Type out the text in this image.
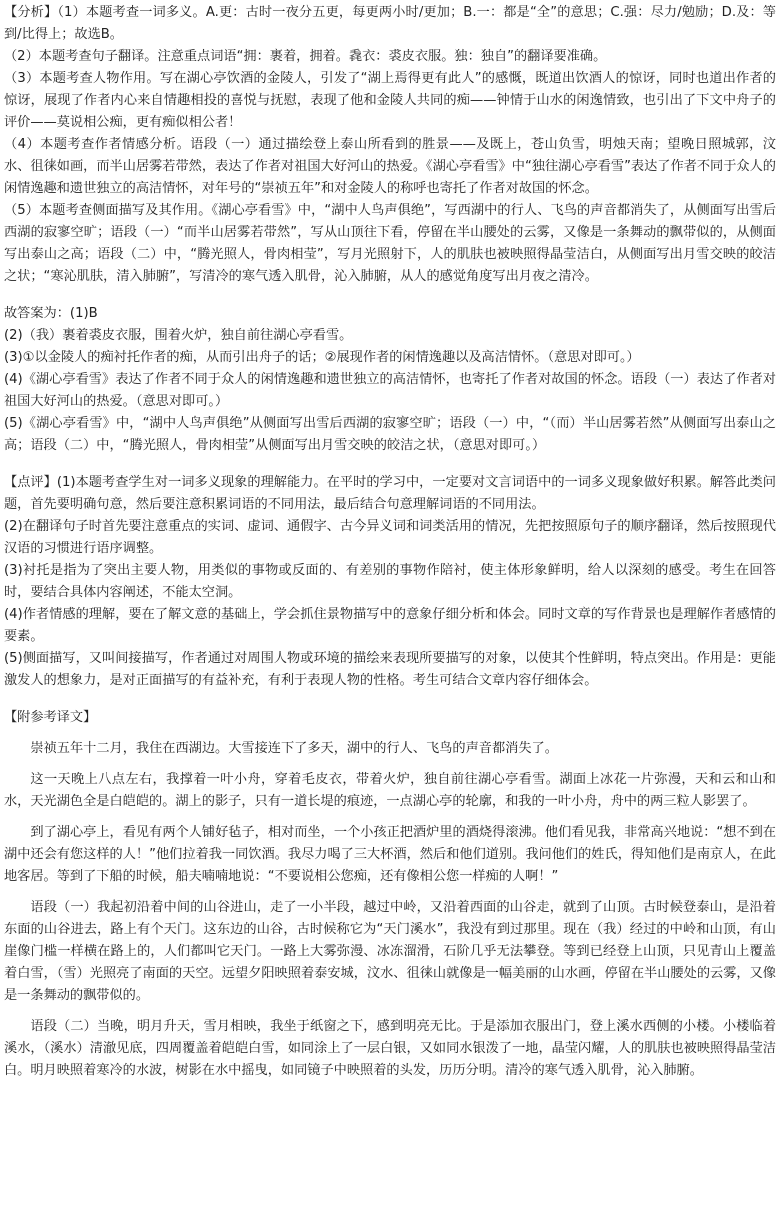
【分析】（1）本题考查一词多义。A.更：古时一夜分五更，每更两小时/更加；B.一：都是“全”的意思；C.强：尽力/勉励；D.及：等到/比得上；故选B。

（2）本题考查句子翻译。注意重点词语“拥：裹着，拥着。毳衣：裘皮衣服。独：独自”的翻译要准确。

（3）本题考查人物作用。写在湖心亭饮酒的金陵人，引发了“湖上焉得更有此人”的感慨，既道出饮酒人的惊讶，同时也道出作者的惊讶，展现了作者内心来自情趣相投的喜悦与抚慰，表现了他和金陵人共同的痴——钟情于山水的闲逸情致，也引出了下文中舟子的评价——莫说相公痴，更有痴似相公者！

（4）本题考查作者情感分析。语段（一）通过描绘登上泰山所看到的胜景——及既上，苍山负雪，明烛天南；望晚日照城郭，汶水、徂徕如画，而半山居雾若带然，表达了作者对祖国大好河山的热爱。《湖心亭看雪》中“独往湖心亭看雪”表达了作者不同于众人的闲情逸趣和遗世独立的高洁情怀，对年号的“崇祯五年”和对金陵人的称呼也寄托了作者对故国的怀念。

（5）本题考查侧面描写及其作用。《湖心亭看雪》中，“湖中人鸟声俱绝”，写西湖中的行人、飞鸟的声音都消失了，从侧面写出雪后西湖的寂寥空旷；语段（一）“而半山居雾若带然”，写从山顶往下看，停留在半山腰处的云雾，又像是一条舞动的飘带似的，从侧面写出泰山之高；语段（二）中，“腾光照人，骨肉相莹”，写月光照射下，人的肌肤也被映照得晶莹洁白，从侧面写出月雪交映的皎洁之状；“寒沁肌肤，清入肺腑”，写清冷的寒气透入肌骨，沁入肺腑，从人的感觉角度写出月夜之清冷。

故答案为：(1)B

(2)（我）裹着裘皮衣服，围着火炉，独自前往湖心亭看雪。

(3)①以金陵人的痴衬托作者的痴，从而引出舟子的话；②展现作者的闲情逸趣以及高洁情怀。（意思对即可。）

(4)《湖心亭看雪》表达了作者不同于众人的闲情逸趣和遗世独立的高洁情怀，也寄托了作者对故国的怀念。语段（一）表达了作者对祖国大好河山的热爱。（意思对即可。）

(5)《湖心亭看雪》中，“湖中人鸟声俱绝”从侧面写出雪后西湖的寂寥空旷；语段（一）中，“（而）半山居雾若然”从侧面写出泰山之高；语段（二）中，“腾光照人，骨肉相莹”从侧面写出月雪交映的皎洁之状，（意思对即可。）

【点评】(1)本题考查学生对一词多义现象的理解能力。在平时的学习中，一定要对文言词语中的一词多义现象做好积累。解答此类问题，首先要明确句意，然后要注意积累词语的不同用法，最后结合句意理解词语的不同用法。

(2)在翻译句子时首先要注意重点的实词、虚词、通假字、古今异义词和词类活用的情况，先把按照原句子的顺序翻译，然后按照现代汉语的习惯进行语序调整。

(3)衬托是指为了突出主要人物，用类似的事物或反面的、有差别的事物作陪衬，使主体形象鲜明，给人以深刻的感受。考生在回答时，要结合具体内容阐述，不能太空洞。

(4)作者情感的理解，要在了解文意的基础上，学会抓住景物描写中的意象仔细分析和体会。同时文章的写作背景也是理解作者感情的要素。

(5)侧面描写，又叫间接描写，作者通过对周围人物或环境的描绘来表现所要描写的对象，以使其个性鲜明，特点突出。作用是：更能激发人的想象力，是对正面描写的有益补充，有利于表现人物的性格。考生可结合文章内容仔细体会。

【附参考译文】

崇祯五年十二月，我住在西湖边。大雪接连下了多天，湖中的行人、飞鸟的声音都消失了。

这一天晚上八点左右，我撑着一叶小舟，穿着毛皮衣，带着火炉，独自前往湖心亭看雪。湖面上冰花一片弥漫，天和云和山和水，天光湖色全是白皑皑的。湖上的影子，只有一道长堤的痕迹，一点湖心亭的轮廓，和我的一叶小舟，舟中的两三粒人影罢了。

到了湖心亭上，看见有两个人铺好毡子，相对而坐，一个小孩正把酒炉里的酒烧得滚沸。他们看见我，非常高兴地说：“想不到在湖中还会有您这样的人！”他们拉着我一同饮酒。我尽力喝了三大杯酒，然后和他们道别。我问他们的姓氏，得知他们是南京人，在此地客居。等到了下船的时候，船夫喃喃地说：“不要说相公您痴，还有像相公您一样痴的人啊！”

语段（一）我起初沿着中间的山谷进山，走了一小半段，越过中岭，又沿着西面的山谷走，就到了山顶。古时候登泰山，是沿着东面的山谷进去，路上有个天门。这东边的山谷，古时候称它为“天门溪水”，我没有到过那里。现在（我）经过的中岭和山顶，有山崖像门槛一样横在路上的，人们都叫它天门。一路上大雾弥漫、冰冻溜滑，石阶几乎无法攀登。等到已经登上山顶，只见青山上覆盖着白雪，（雪）光照亮了南面的天空。远望夕阳映照着泰安城，汶水、徂徕山就像是一幅美丽的山水画，停留在半山腰处的云雾，又像是一条舞动的飘带似的。

语段（二）当晚，明月升天，雪月相映，我坐于纸窗之下，感到明亮无比。于是添加衣服出门，登上溪水西侧的小楼。小楼临着溪水，（溪水）清澈见底，四周覆盖着皑皑白雪，如同涂上了一层白银，又如同水银泼了一地，晶莹闪耀，人的肌肤也被映照得晶莹洁白。明月映照着寒冷的水波，树影在水中摇曳，如同镜子中映照着的头发，历历分明。清冷的寒气透入肌骨，沁入肺腑。
